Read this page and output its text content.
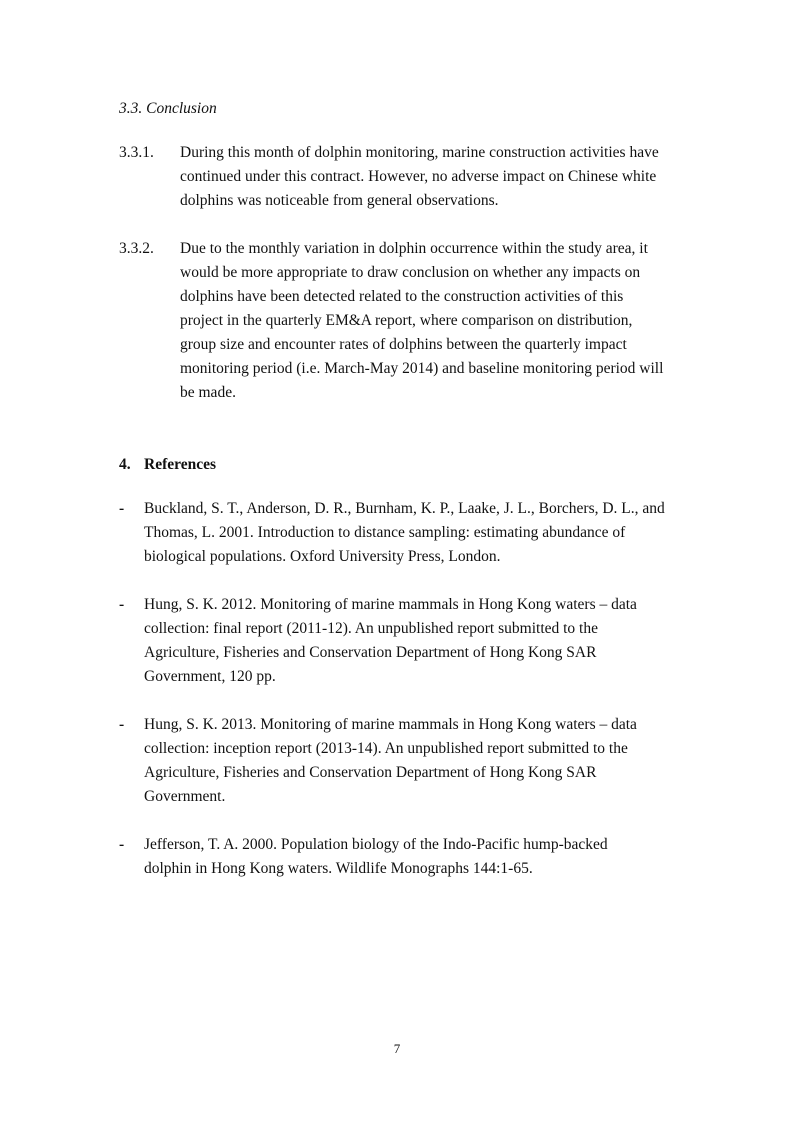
3.3. Conclusion
3.3.1. During this month of dolphin monitoring, marine construction activities have
continued under this contract. However, no adverse impact on Chinese white
dolphins was noticeable from general observations.
3.3.2. Due to the monthly variation in dolphin occurrence within the study area, it
would be more appropriate to draw conclusion on whether any impacts on
dolphins have been detected related to the construction activities of this
project in the quarterly EM&A report, where comparison on distribution,
group size and encounter rates of dolphins between the quarterly impact
monitoring period (i.e. March-May 2014) and baseline monitoring period will
be made.
4. References
-	Buckland, S. T., Anderson, D. R., Burnham, K. P., Laake, J. L., Borchers, D. L., and
Thomas, L. 2001. Introduction to distance sampling: estimating abundance of
biological populations. Oxford University Press, London.
-	Hung, S. K. 2012. Monitoring of marine mammals in Hong Kong waters – data
collection: final report (2011-12). An unpublished report submitted to the
Agriculture, Fisheries and Conservation Department of Hong Kong SAR
Government, 120 pp.
-	Hung, S. K. 2013. Monitoring of marine mammals in Hong Kong waters – data
collection: inception report (2013-14). An unpublished report submitted to the
Agriculture, Fisheries and Conservation Department of Hong Kong SAR
Government.
-	Jefferson, T. A. 2000. Population biology of the Indo-Pacific hump-backed
dolphin in Hong Kong waters. Wildlife Monographs 144:1-65.
7
